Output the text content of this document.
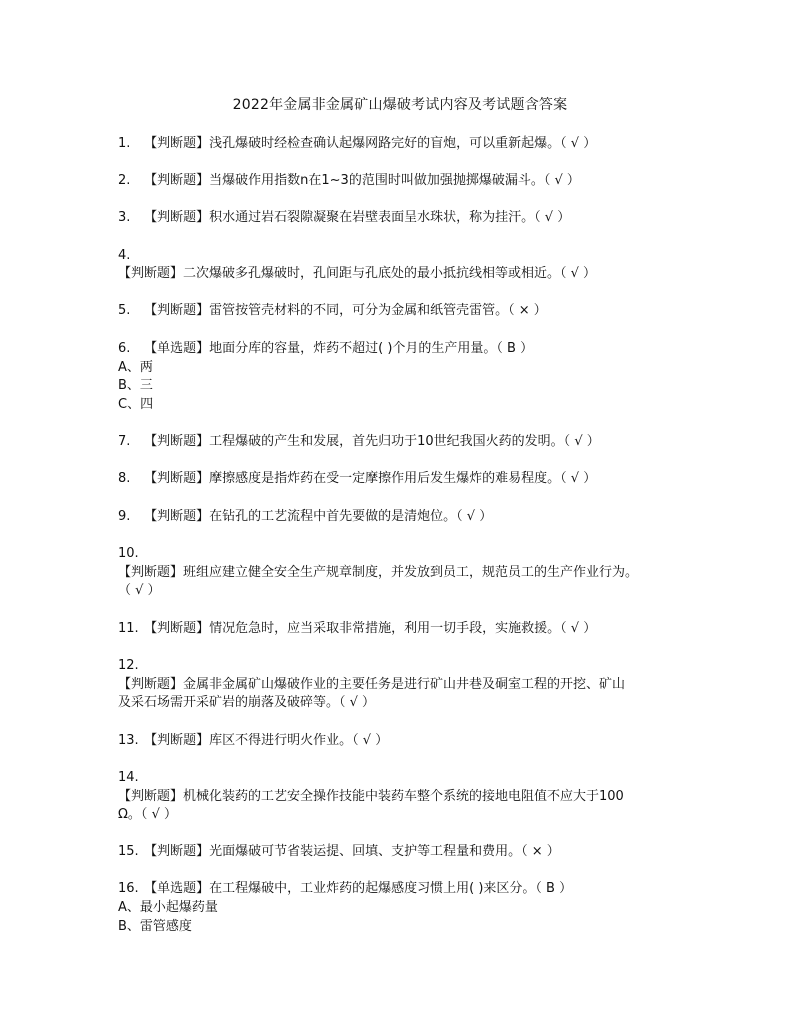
2022年金属非金属矿山爆破考试内容及考试题含答案
1. 【判断题】浅孔爆破时经检查确认起爆网路完好的盲炮，可以重新起爆。（ √ ）
2. 【判断题】当爆破作用指数n在1~3的范围时叫做加强抛掷爆破漏斗。（ √ ）
3. 【判断题】积水通过岩石裂隙凝聚在岩壁表面呈水珠状，称为挂汗。（ √ ）
4.
【判断题】二次爆破多孔爆破时，孔间距与孔底处的最小抵抗线相等或相近。（ √ ）
5. 【判断题】雷管按管壳材料的不同，可分为金属和纸管壳雷管。（ × ）
6. 【单选题】地面分库的容量，炸药不超过( )个月的生产用量。（ B ）
A、两
B、三
C、四
7. 【判断题】工程爆破的产生和发展，首先归功于10世纪我国火药的发明。（ √ ）
8. 【判断题】摩擦感度是指炸药在受一定摩擦作用后发生爆炸的难易程度。（ √ ）
9. 【判断题】在钻孔的工艺流程中首先要做的是清炮位。（ √ ）
10.
【判断题】班组应建立健全安全生产规章制度，并发放到员工，规范员工的生产作业行为。
（ √ ）
11. 【判断题】情况危急时，应当采取非常措施，利用一切手段，实施救援。（ √ ）
12.
【判断题】金属非金属矿山爆破作业的主要任务是进行矿山井巷及硐室工程的开挖、矿山
及采石场需开采矿岩的崩落及破碎等。（ √ ）
13. 【判断题】库区不得进行明火作业。（ √ ）
14.
【判断题】机械化装药的工艺安全操作技能中装药车整个系统的接地电阻值不应大于100
Ω。（ √ ）
15. 【判断题】光面爆破可节省装运提、回填、支护等工程量和费用。（ × ）
16. 【单选题】在工程爆破中，工业炸药的起爆感度习惯上用( )来区分。（ B ）
A、最小起爆药量
B、雷管感度
